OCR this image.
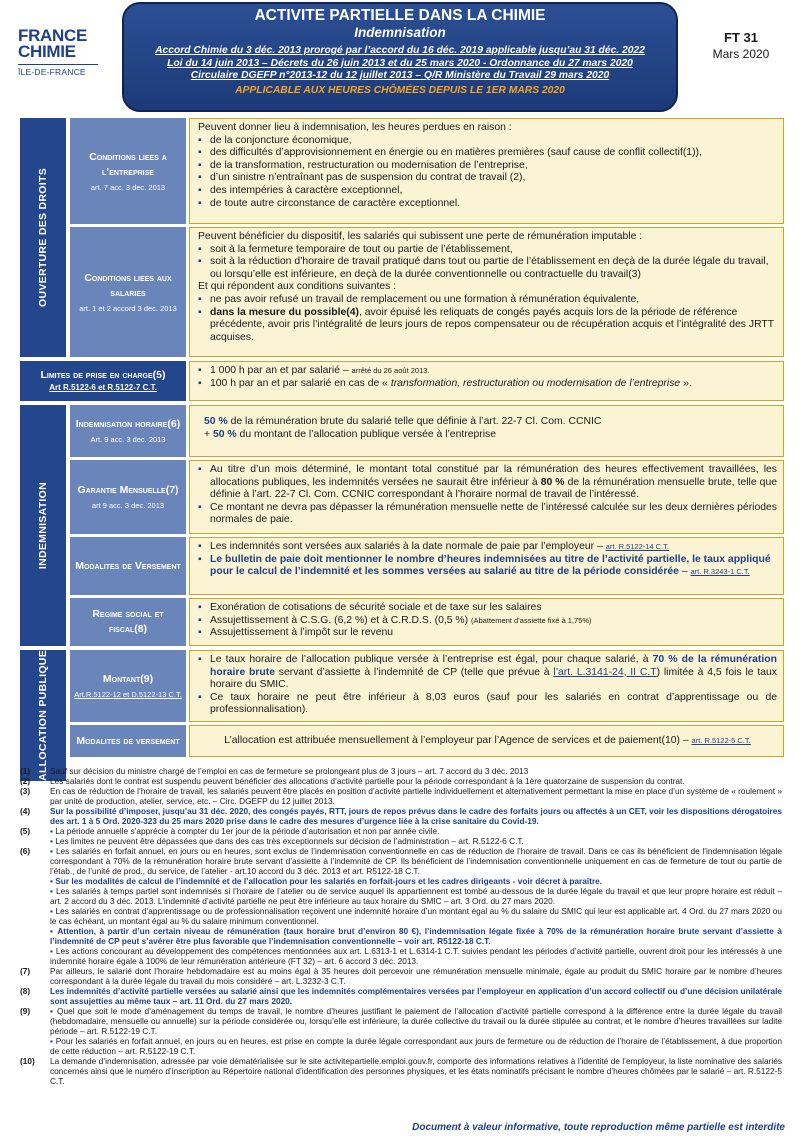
FRANCE
CHIMIE
ÎLE-DE-FRANCE
ACTIVITE PARTIELLE DANS LA CHIMIE
Indemnisation
Accord Chimie du 3 déc. 2013 prorogé par l’accord du 16 déc. 2019 applicable jusqu’au 31 déc. 2022
Loi du 14 juin 2013 – Décrets du 26 juin 2013 et du 25 mars 2020 - Ordonnance du 27 mars 2020
Circulaire DGEFP n°2013-12 du 12 juillet 2013 – Q/R Ministère du Travail 29 mars 2020
APPLICABLE AUX HEURES CHÔMÉES DEPUIS LE 1ER MARS 2020
FT 31
Mars 2020
OUVERTURE DES DROITS
Conditions liees a l’entreprise
art. 7 acc. 3 dec. 2013
Peuvent donner lieu à indemnisation, les heures perdues en raison :
▪ de la conjoncture économique,
▪ des difficultés d’approvisionnement en énergie ou en matières premières (sauf cause de conflit collectif(1)),
▪ de la transformation, restructuration ou modernisation de l’entreprise,
▪ d’un sinistre n’entraînant pas de suspension du contrat de travail (2),
▪ des intempéries à caractère exceptionnel,
▪ de toute autre circonstance de caractère exceptionnel.
Conditions liees aux salaries
art. 1 et 2 accord 3 dec. 2013
Peuvent bénéficier du dispositif, les salariés qui subissent une perte de rémunération imputable :
▪ soit à la fermeture temporaire de tout ou partie de l’établissement,
▪ soit à la réduction d’horaire de travail pratiqué dans tout ou partie de l’établissement en deçà de la durée légale du travail, ou lorsqu’elle est inférieure, en deçà de la durée conventionnelle ou contractuelle du travail(3)
Et qui répondent aux conditions suivantes :
▪ ne pas avoir refusé un travail de remplacement ou une formation à rémunération équivalente,
▪ dans la mesure du possible(4), avoir épuisé les reliquats de congés payés acquis lors de la période de référence précédente, avoir pris l’intégralité de leurs jours de repos compensateur ou de récupération acquis et l’intégralité des JRTT acquises.
Limites de prise en charge(5)
Art R.5122-6 et R.5122-7 C.T.
▪ 1 000 h par an et par salarié – arrêté du 26 août 2013.
▪ 100 h par an et par salarié en cas de « transformation, restructuration ou modernisation de l’entreprise ».
INDEMNISATION
Indemnisation horaire(6)
Art. 9 acc. 3 dec. 2013
50 % de la rémunération brute du salarié telle que définie à l’art. 22-7 Cl. Com. CCNIC
+ 50 % du montant de l’allocation publique versée à l’entreprise
Garantie Mensuelle(7)
art 9 acc. 3 dec. 2013
▪ Au titre d’un mois déterminé, le montant total constitué par la rémunération des heures effectivement travaillées, les allocations publiques, les indemnités versées ne saurait être inférieur à 80 % de la rémunération mensuelle brute, telle que définie à l’art. 22-7 Cl. Com. CCNIC correspondant à l’horaire normal de travail de l’intéressé.
▪ Ce montant ne devra pas dépasser la rémunération mensuelle nette de l’intéressé calculée sur les deux dernières périodes normales de paie.
Modalites de Versement
▪ Les indemnités sont versées aux salariés à la date normale de paie par l’employeur – art. R.5122-14 C.T.
▪ Le bulletin de paie doit mentionner le nombre d’heures indemnisées au titre de l’activité partielle, le taux appliqué pour le calcul de l’indemnité et les sommes versées au salarié au titre de la période considérée – art. R.3243-1 C.T.
Regime social et fiscal(8)
▪ Exonération de cotisations de sécurité sociale et de taxe sur les salaires
▪ Assujettissement à C.S.G. (6,2 %) et à C.R.D.S. (0,5 %) (Abattement d’assiette fixé à 1,75%)
▪ Assujettissement à l’impôt sur le revenu
ALLOCATION PUBLIQUE	Montant(9)
Art.R.5122-12 et D.5122-13 C.T.
▪ Le taux horaire de l’allocation publique versée à l’entreprise est égal, pour chaque salarié, à 70 % de la rémunération horaire brute servant d’assiette à l’indemnité de CP (telle que prévue à l’art. L.3141-24, II C.T) limitée à 4,5 fois le taux horaire du SMIC.
▪ Ce taux horaire ne peut être inférieur à 8,03 euros (sauf pour les salariés en contrat d’apprentissage ou de professionnalisation).
Modalites de versement	L’allocation est attribuée mensuellement à l’employeur par l’Agence de services et de paiement(10) – art. R.5122-5 C.T.
(1)	Sauf sur décision du ministre chargé de l’emploi en cas de fermeture se prolongeant plus de 3 jours – art. 7 accord du 3 déc. 2013
(2)	Les salariés dont le contrat est suspendu peuvent bénéficier des allocations d’activité partielle pour la période correspondant à la 1ère quatorzaine de suspension du contrat.
(3)	En cas de réduction de l’horaire de travail, les salariés peuvent être placés en position d’activité partielle individuellement et alternativement permettant la mise en place d’un système de « roulement » par unité de production, atelier, service, etc. – Circ. DGEFP du 12 juillet 2013.
(4)	Sur la possibilité d’imposer, jusqu’au 31 déc. 2020, des congés payés, RTT, jours de repos prévus dans le cadre des forfaits jours ou affectés à un CET, voir les dispositions dérogatoires des art. 1 à 5 Ord. 2020-323 du 25 mars 2020 prise dans le cadre des mesures d’urgence liée à la crise sanitaire du Covid-19.
(5)	▪ La période annuelle s’apprécie à compter du 1er jour de la période d’autorisation et non par année civile.
▪ Les limites ne peuvent être dépassées que dans des cas très exceptionnels sur décision de l’administration – art. R.5122-6 C.T.
(6)	▪ Les salariés en forfait annuel, en jours ou en heures, sont exclus de l’indemnisation conventionnelle en cas de réduction de l’horaire de travail. Dans ce cas ils bénéficient de l’indemnisation légale correspondant à 70% de la rémunération horaire brute servant d’assiette à l’indemnité de CP. Ils bénéficient de l’indemnisation conventionnelle uniquement en cas de fermeture de tout ou partie de l’étab., de l’unité de prod., du service, de l’atelier - art.10 accord du 3 déc. 2013 et art. R5122-18 C.T.
▪ Sur les modalités de calcul de l’indemnité et de l’allocation pour les salariés en forfait-jours et les cadres dirigeants - voir décret à paraître.
▪ Les salariés à temps partiel sont indemnisés si l’horaire de l’atelier ou de service auquel ils appartiennent est tombé au-dessous de la durée légale du travail et que leur propre horaire est réduit – art. 2 accord du 3 déc. 2013. L’indemnité d’activité partielle ne peut être inférieure au taux horaire du SMIC – art. 3 Ord. du 27 mars 2020.
▪ Les salariés en contrat d’apprentissage ou de professionnalisation reçoivent une indemnité horaire d’un montant égal au % du salaire du SMIC qui leur est applicable art. 4 Ord. du 27 mars 2020 ou le cas échéant, un montant égal au % du salaire minimum conventionnel.
▪ Attention, à partir d’un certain niveau de rémunération (taux horaire brut d’environ 80 €), l’indemnisation légale fixée à 70% de la rémunération horaire brute servant d’assiette à l’indemnité de CP peut s’avérer être plus favorable que l’indemnisation conventionnelle – voir art. R5122-18 C.T.
▪ Les actions concourant au développement des compétences mentionnées aux art. L.6313-1 et L.6314-1 C.T. suivies pendant les périodes d’activité partielle, ouvrent droit pour les intéressés à une indemnité horaire égale à 100% de leur rémunération antérieure (FT 32) – art. 6 accord 3 déc. 2013.
(7)	Par ailleurs, le salarié dont l’horaire hebdomadaire est au moins égal à 35 heures doit percevoir une rémunération mensuelle minimale, égale au produit du SMIC horaire par le nombre d’heures correspondant à la durée légale du travail du mois considéré – art. L.3232-3 C.T.
(8)	Les indemnités d’activité partielle versées au salarié ainsi que les indemnités complémentaires versées par l’employeur en application d’un accord collectif ou d’une décision unilatérale sont assujetties au même taux – art. 11 Ord. du 27 mars 2020.
(9)	▪ Quel que soit le mode d’aménagement du temps de travail, le nombre d’heures justifiant le paiement de l’allocation d’activité partielle correspond à la différence entre la durée légale du travail (hebdomadaire, mensuelle ou annuelle) sur la période considérée ou, lorsqu’elle est inférieure, la durée collective du travail ou la durée stipulée au contrat, et le nombre d’heures travaillées sur ladite période – art. R.5122-19 C.T.
▪ Pour les salariés en forfait annuel, en jours ou en heures, est prise en compte la durée légale correspondant aux jours de fermeture ou de réduction de l’horaire de l’établissement, à due proportion de cette réduction – art. R.5122-19 C.T.
(10)	La demande d’indemnisation, adressée par voie dématérialisée sur le site activitepartielle.emploi.gouv.fr, comporte des informations relatives à l’identité de l’employeur, la liste nominative des salariés concernés ainsi que le numéro d’inscription au Répertoire national d’identification des personnes physiques, et les états nominatifs précisant le nombre d’heures chômées par le salarié – art. R.5122-5 C.T.
Document à valeur informative, toute reproduction même partielle est interdite
